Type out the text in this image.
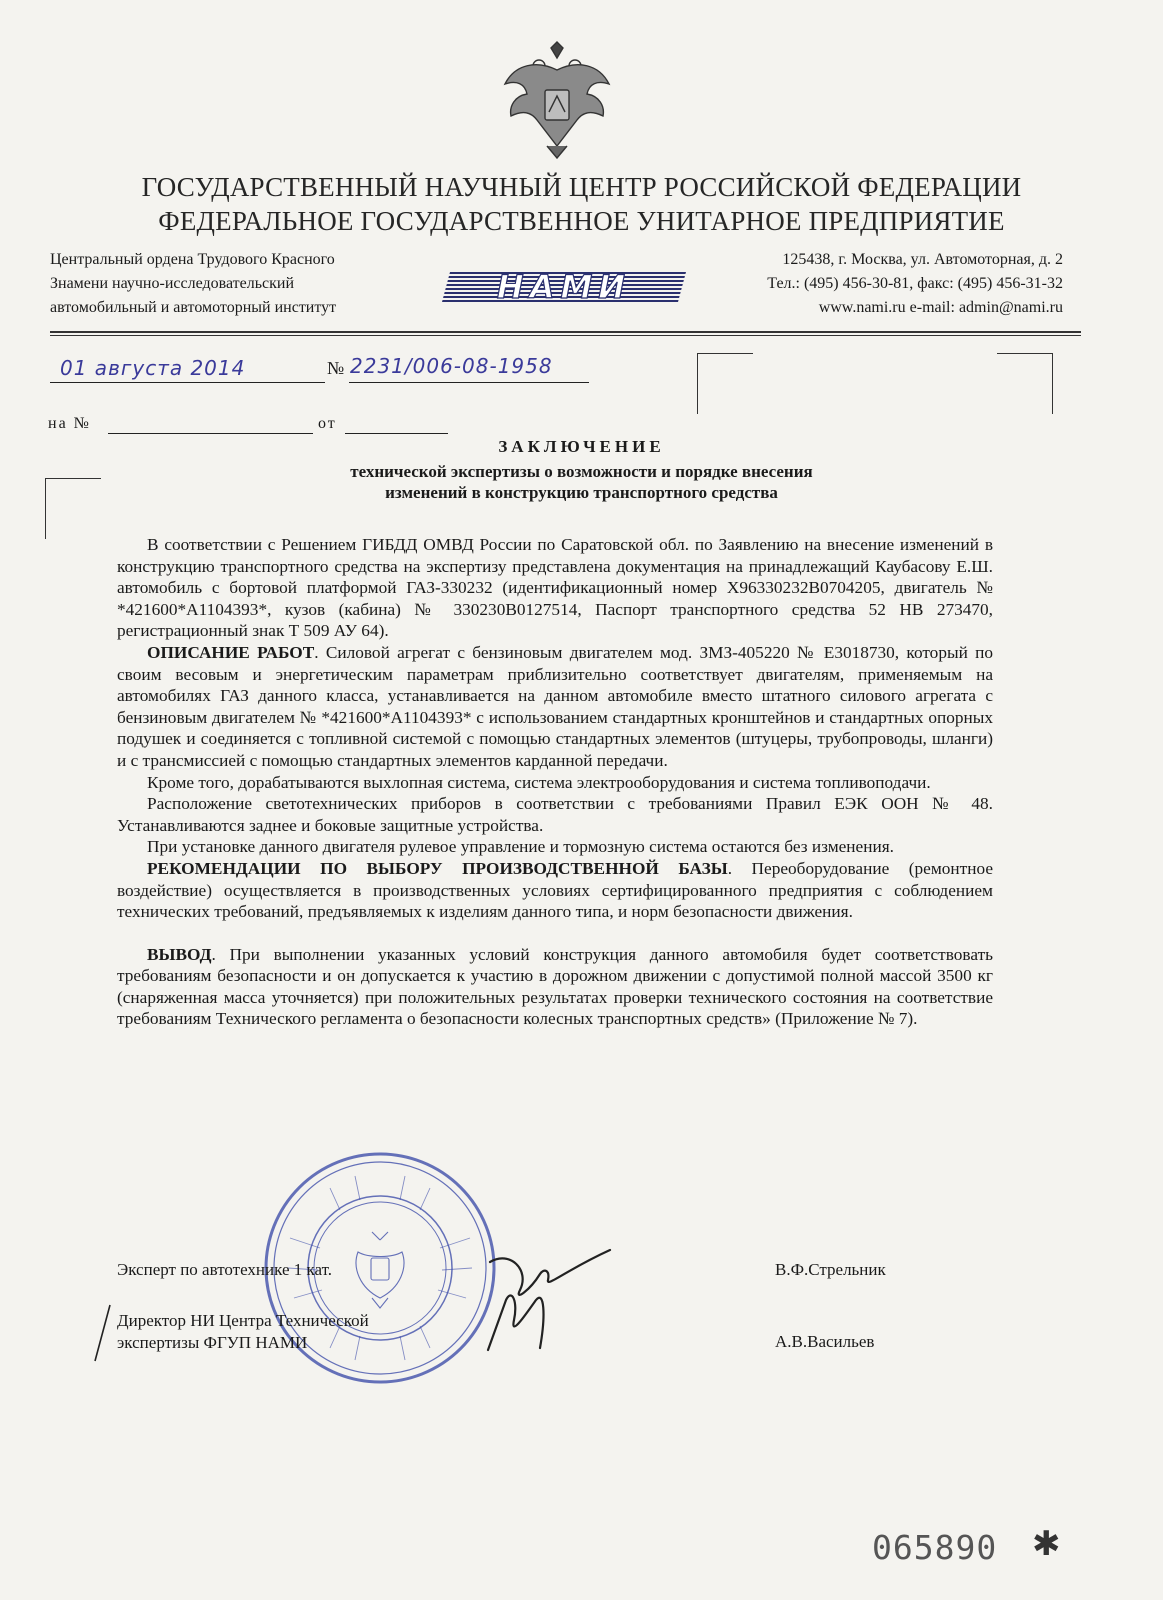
ГОСУДАРСТВЕННЫЙ НАУЧНЫЙ ЦЕНТР РОССИЙСКОЙ ФЕДЕРАЦИИ
ФЕДЕРАЛЬНОЕ ГОСУДАРСТВЕННОЕ УНИТАРНОЕ ПРЕДПРИЯТИЕ
Центральный ордена Трудового Красного
Знамени научно-исследовательский
автомобильный и автомоторный институт
НАМИ
125438, г. Москва, ул. Автомоторная, д. 2
Тел.: (495) 456-30-81, факс: (495) 456-31-32
www.nami.ru e-mail: admin@nami.ru
01 августа 2014	№ 2231/006-08-1958
на №	от
ЗАКЛЮЧЕНИЕ
технической экспертизы о возможности и порядке внесения
изменений в конструкцию транспортного средства

В соответствии с Решением ГИБДД ОМВД России по Саратовской обл. по Заявлению на внесение изменений в конструкцию транспортного средства на экспертизу представлена документация на принадлежащий Каубасову Е.Ш. автомобиль с бортовой платформой ГАЗ-330232 (идентификационный номер X96330232B0704205, двигатель № *421600*А1104393*, кузов (кабина) № 330230В0127514, Паспорт транспортного средства 52 НВ 273470, регистрационный знак Т 509 АУ 64).

ОПИСАНИЕ РАБОТ. Силовой агрегат с бензиновым двигателем мод. ЗМЗ-405220 № Е3018730, который по своим весовым и энергетическим параметрам приблизительно соответствует двигателям, применяемым на автомобилях ГАЗ данного класса, устанавливается на данном автомобиле вместо штатного силового агрегата с бензиновым двигателем № *421600*А1104393* с использованием стандартных кронштейнов и стандартных опорных подушек и соединяется с топливной системой с помощью стандартных элементов (штуцеры, трубопроводы, шланги) и с трансмиссией с помощью стандартных элементов карданной передачи.

Кроме того, дорабатываются выхлопная система, система электрооборудования и система топливоподачи.

Расположение светотехнических приборов в соответствии с требованиями Правил ЕЭК ООН № 48. Устанавливаются заднее и боковые защитные устройства.

При установке данного двигателя рулевое управление и тормозную система остаются без изменения.

РЕКОМЕНДАЦИИ ПО ВЫБОРУ ПРОИЗВОДСТВЕННОЙ БАЗЫ. Переоборудование (ремонтное воздействие) осуществляется в производственных условиях сертифицированного предприятия с соблюдением технических требований, предъявляемых к изделиям данного типа, и норм безопасности движения.

ВЫВОД. При выполнении указанных условий конструкция данного автомобиля будет соответствовать требованиям безопасности и он допускается к участию в дорожном движении с допустимой полной массой 3500 кг (снаряженная масса уточняется) при положительных результатах проверки технического состояния на соответствие требованиям Технического регламента о безопасности колесных транспортных средств» (Приложение № 7).

Эксперт по автотехнике 1 кат.	В.Ф.Стрельник
Директор НИ Центра Технической
экспертизы ФГУП НАМИ	А.В.Васильев
065890 ✱
